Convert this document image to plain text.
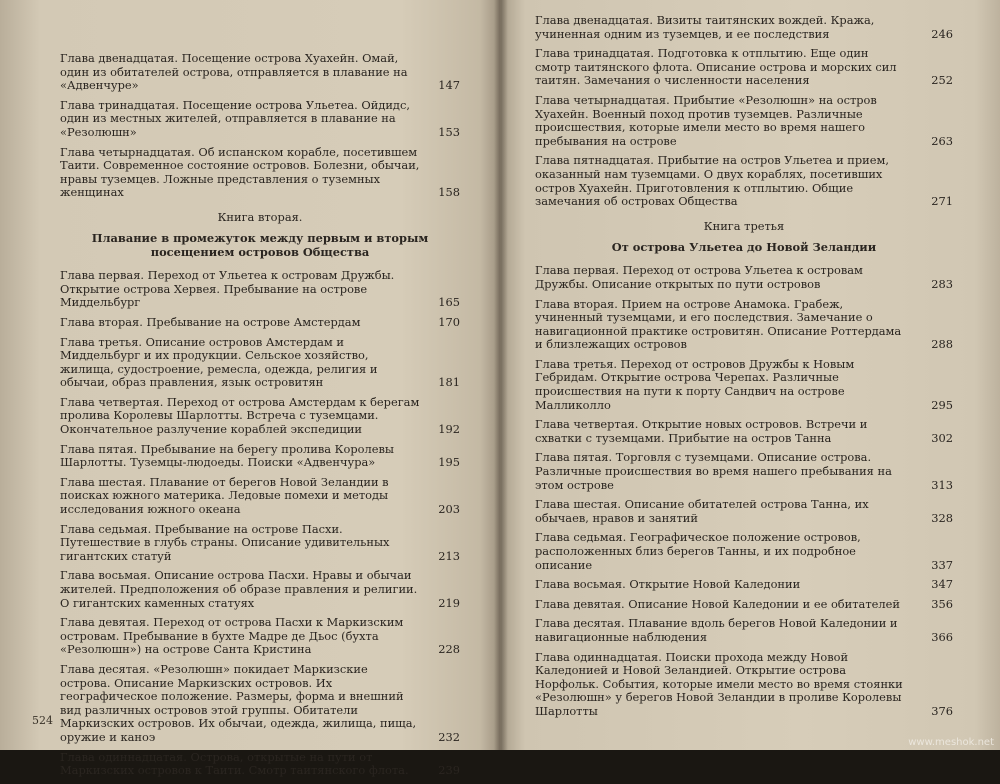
Глава двенадцатая. Посещение острова Хуахейн. Омай, один из обитателей острова, отправляется в плавание на «Адвенчуре»	147
Глава тринадцатая. Посещение острова Ульетеа. Ойдидс, один из местных жителей, отправляется в плавание на «Резолюшн»	153
Глава четырнадцатая. Об испанском корабле, посетившем Таити. Современное состояние островов. Болезни, обычаи, нравы туземцев. Ложные представления о туземных женщинах	158
Книга вторая.
Плавание в промежуток между первым и вторым посещением островов Общества
Глава первая. Переход от Ульетеа к островам Дружбы. Открытие острова Хервея. Пребывание на острове Миддельбург	165
Глава вторая. Пребывание на острове Амстердам	170
Глава третья. Описание островов Амстердам и Миддельбург и их продукции. Сельское хозяйство, жилища, судостроение, ремесла, одежда, религия и обычаи, образ правления, язык островитян	181
Глава четвертая. Переход от острова Амстердам к берегам пролива Королевы Шарлотты. Встреча с туземцами. Окончательное разлучение кораблей экспедиции	192
Глава пятая. Пребывание на берегу пролива Королевы Шарлотты. Туземцы-людоеды. Поиски «Адвенчура»	195
Глава шестая. Плавание от берегов Новой Зеландии в поисках южного материка. Ледовые помехи и методы исследования южного океана	203
Глава седьмая. Пребывание на острове Пасхи. Путешествие в глубь страны. Описание удивительных гигантских статуй	213
Глава восьмая. Описание острова Пасхи. Нравы и обычаи жителей. Предположения об образе правления и религии. О гигантских каменных статуях	219
Глава девятая. Переход от острова Пасхи к Маркизским островам. Пребывание в бухте Мадре де Дьос (бухта «Резолюшн») на острове Санта Кристина	228
Глава десятая. «Резолюшн» покидает Маркизские острова. Описание Маркизских островов. Их географическое положение. Размеры, форма и внешний вид различных островов этой группы. Обитатели Маркизских островов. Их обычаи, одежда, жилища, пища, оружие и каноэ	232
Глава одиннадцатая. Острова, открытые на пути от Маркизских островов к Таити. Смотр таитянского флота.	239
524
Глава двенадцатая. Визиты таитянских вождей. Кража, учиненная одним из туземцев, и ее последствия	246
Глава тринадцатая. Подготовка к отплытию. Еще один смотр таитянского флота. Описание острова и морских сил таитян. Замечания о численности населения	252
Глава четырнадцатая. Прибытие «Резолюшн» на остров Хуахейн. Военный поход против туземцев. Различные происшествия, которые имели место во время нашего пребывания на острове	263
Глава пятнадцатая. Прибытие на остров Ульетеа и прием, оказанный нам туземцами. О двух кораблях, посетивших остров Хуахейн. Приготовления к отплытию. Общие замечания об островах Общества	271
Книга третья
От острова Ульетеа до Новой Зеландии
Глава первая. Переход от острова Ульетеа к островам Дружбы. Описание открытых по пути островов	283
Глава вторая. Прием на острове Анамока. Грабеж, учиненный туземцами, и его последствия. Замечание о навигационной практике островитян. Описание Роттердама и близлежащих островов	288
Глава третья. Переход от островов Дружбы к Новым Гебридам. Открытие острова Черепах. Различные происшествия на пути к порту Сандвич на острове Малликолло	295
Глава четвертая. Открытие новых островов. Встречи и схватки с туземцами. Прибытие на остров Танна	302
Глава пятая. Торговля с туземцами. Описание острова. Различные происшествия во время нашего пребывания на этом острове	313
Глава шестая. Описание обитателей острова Танна, их обычаев, нравов и занятий	328
Глава седьмая. Географическое положение островов, расположенных близ берегов Танны, и их подробное описание	337
Глава восьмая. Открытие Новой Каледонии	347
Глава девятая. Описание Новой Каледонии и ее обитателей	356
Глава десятая. Плавание вдоль берегов Новой Каледонии и навигационные наблюдения	366
Глава одиннадцатая. Поиски прохода между Новой Каледонией и Новой Зеландией. Открытие острова Норфольк. События, которые имели место во время стоянки «Резолюшн» у берегов Новой Зеландии в проливе Королевы Шарлотты	376
www.meshok.net
